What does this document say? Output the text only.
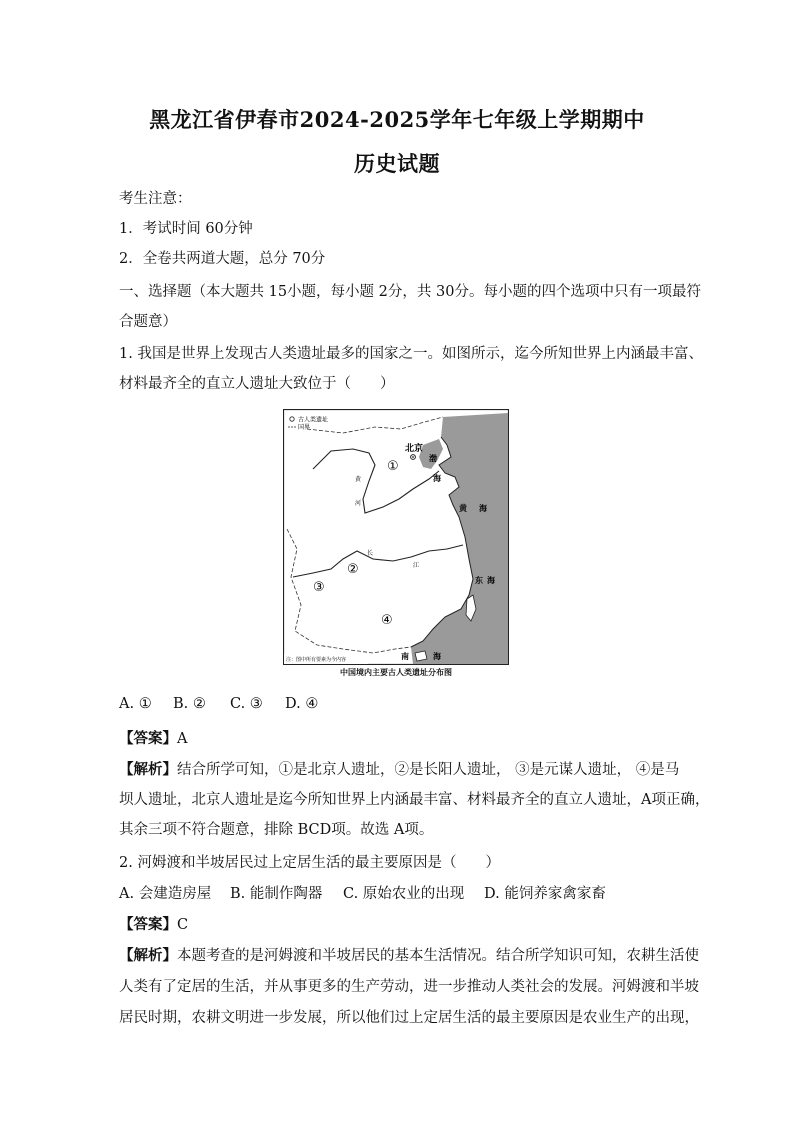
黑龙江省伊春市2024-2025学年七年级上学期期中
历史试题
考生注意：
1．考试时间 60分钟
2．全卷共两道大题，总分 70分
一、选择题（本大题共 15小题，每小题 2分，共 30分。每小题的四个选项中只有一项最符
合题意）
1. 我国是世界上发现古人类遗址最多的国家之一。如图所示，迄今所知世界上内涵最丰富、
材料最齐全的直立人遗址大致位于（　　）
古人类遗址
国界
北京
①
②
③
④
渤
海
黄 海
东 海
南	海
黄
河
长
江
注：图中所有要素为今内容
中国境内主要古人类遗址分布图
A. ① B. ② C. ③ D. ④
【答案】A
【解析】结合所学可知，①是北京人遗址，②是长阳人遗址， ③是元谋人遗址， ④是马
坝人遗址，北京人遗址是迄今所知世界上内涵最丰富、材料最齐全的直立人遗址，A项正确，
其余三项不符合题意，排除 BCD项。故选 A项。
2. 河姆渡和半坡居民过上定居生活的最主要原因是（　　）
A. 会建造房屋 B. 能制作陶器 C. 原始农业的出现 D. 能饲养家禽家畜
【答案】C
【解析】本题考查的是河姆渡和半坡居民的基本生活情况。结合所学知识可知，农耕生活使
人类有了定居的生活，并从事更多的生产劳动，进一步推动人类社会的发展。河姆渡和半坡
居民时期，农耕文明进一步发展，所以他们过上定居生活的最主要原因是农业生产的出现，
